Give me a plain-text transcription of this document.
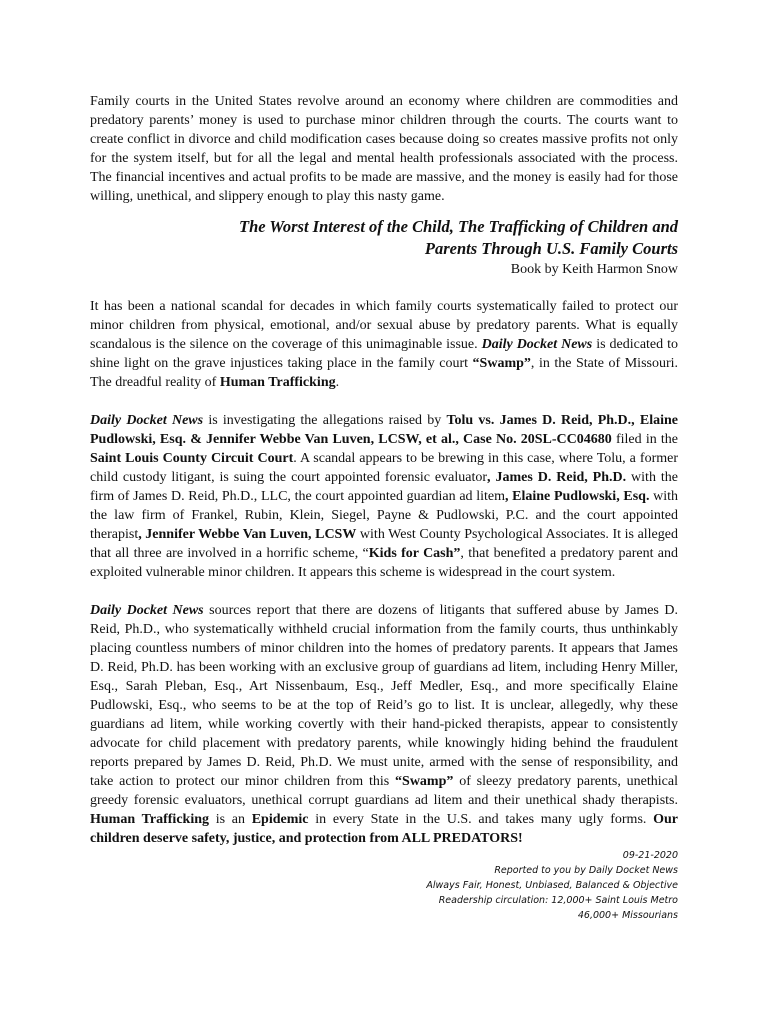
Family courts in the United States revolve around an economy where children are commodities and predatory parents’ money is used to purchase minor children through the courts. The courts want to create conflict in divorce and child modification cases because doing so creates massive profits not only for the system itself, but for all the legal and mental health professionals associated with the process. The financial incentives and actual profits to be made are massive, and the money is easily had for those willing, unethical, and slippery enough to play this nasty game.

The Worst Interest of the Child, The Trafficking of Children and
Parents Through U.S. Family Courts
Book by Keith Harmon Snow

It has been a national scandal for decades in which family courts systematically failed to protect our minor children from physical, emotional, and/or sexual abuse by predatory parents. What is equally scandalous is the silence on the coverage of this unimaginable issue. Daily Docket News is dedicated to shine light on the grave injustices taking place in the family court “Swamp”, in the State of Missouri. The dreadful reality of Human Trafficking.

Daily Docket News is investigating the allegations raised by Tolu vs. James D. Reid, Ph.D., Elaine Pudlowski, Esq. & Jennifer Webbe Van Luven, LCSW, et al., Case No. 20SL-CC04680 filed in the Saint Louis County Circuit Court. A scandal appears to be brewing in this case, where Tolu, a former child custody litigant, is suing the court appointed forensic evaluator, James D. Reid, Ph.D. with the firm of James D. Reid, Ph.D., LLC, the court appointed guardian ad litem, Elaine Pudlowski, Esq. with the law firm of Frankel, Rubin, Klein, Siegel, Payne & Pudlowski, P.C. and the court appointed therapist, Jennifer Webbe Van Luven, LCSW with West County Psychological Associates. It is alleged that all three are involved in a horrific scheme, “Kids for Cash”, that benefited a predatory parent and exploited vulnerable minor children. It appears this scheme is widespread in the court system.

Daily Docket News sources report that there are dozens of litigants that suffered abuse by James D. Reid, Ph.D., who systematically withheld crucial information from the family courts, thus unthinkably placing countless numbers of minor children into the homes of predatory parents. It appears that James D. Reid, Ph.D. has been working with an exclusive group of guardians ad litem, including Henry Miller, Esq., Sarah Pleban, Esq., Art Nissenbaum, Esq., Jeff Medler, Esq., and more specifically Elaine Pudlowski, Esq., who seems to be at the top of Reid’s go to list. It is unclear, allegedly, why these guardians ad litem, while working covertly with their hand-picked therapists, appear to consistently advocate for child placement with predatory parents, while knowingly hiding behind the fraudulent reports prepared by James D. Reid, Ph.D. We must unite, armed with the sense of responsibility, and take action to protect our minor children from this “Swamp” of sleezy predatory parents, unethical greedy forensic evaluators, unethical corrupt guardians ad litem and their unethical shady therapists. Human Trafficking is an Epidemic in every State in the U.S. and takes many ugly forms. Our children deserve safety, justice, and protection from ALL PREDATORS!

09-21-2020
Reported to you by Daily Docket News
Always Fair, Honest, Unbiased, Balanced & Objective
Readership circulation: 12,000+ Saint Louis Metro
46,000+ Missourians
